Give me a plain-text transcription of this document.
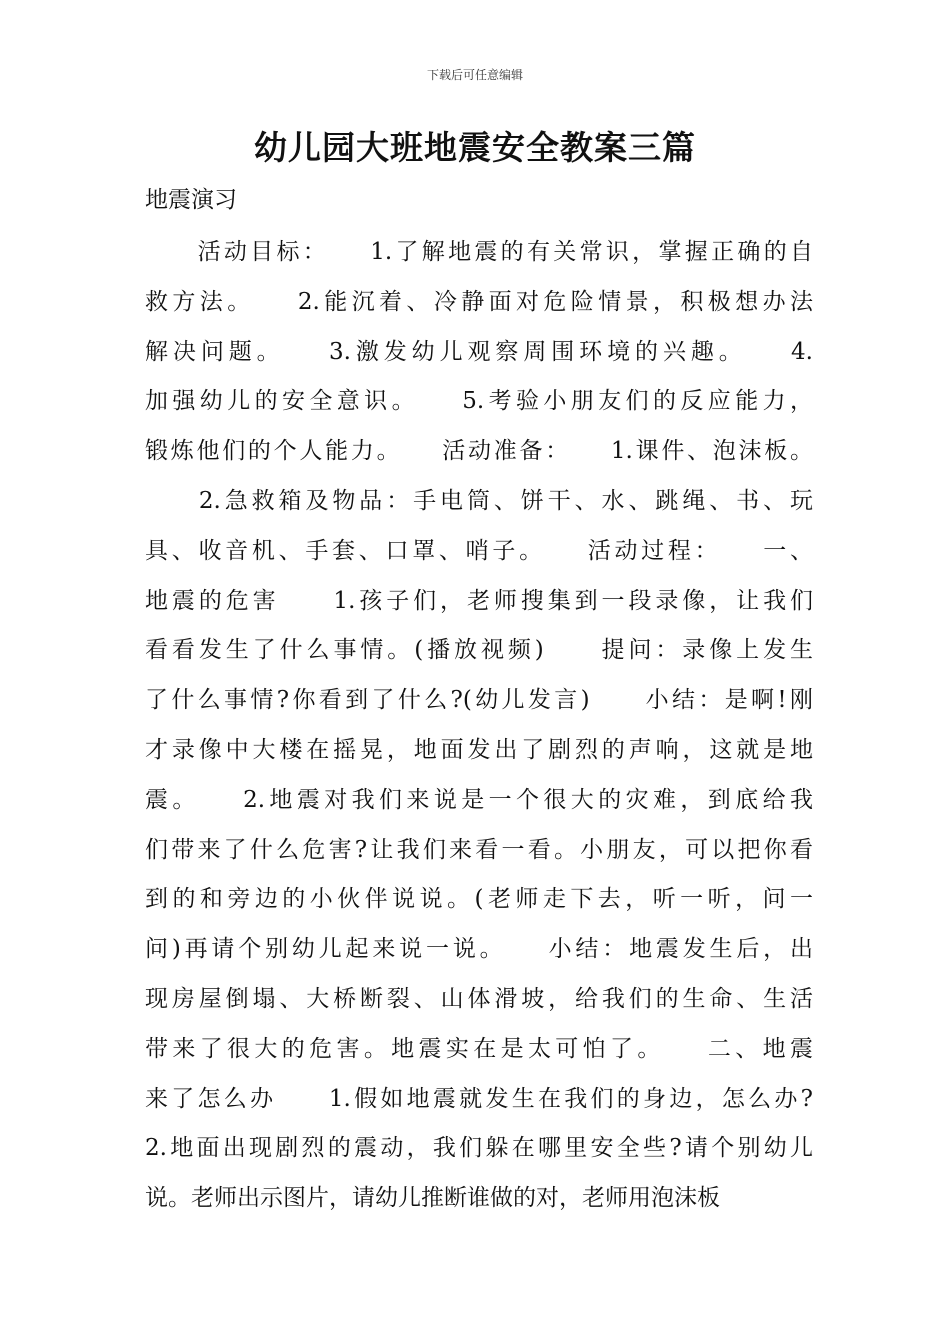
下载后可任意编辑
幼儿园大班地震安全教案三篇

地震演习

　　活动目标：　　1.了解地震的有关常识，掌握正确的自
救方法。　　2.能沉着、冷静面对危险情景，积极想办法
解决问题。　　3.激发幼儿观察周围环境的兴趣。　　4.
加强幼儿的安全意识。　　5.考验小朋友们的反应能力，
锻炼他们的个人能力。　　活动准备：　　1.课件、泡沫板。
　　2.急救箱及物品：手电筒、饼干、水、跳绳、书、玩
具、收音机、手套、口罩、哨子。　　活动过程：　　一、
地震的危害　　1.孩子们，老师搜集到一段录像，让我们
看看发生了什么事情。(播放视频)　　提问：录像上发生
了什么事情?你看到了什么?(幼儿发言)　　小结：是啊!刚
才录像中大楼在摇晃，地面发出了剧烈的声响，这就是地
震。　　2.地震对我们来说是一个很大的灾难，到底给我
们带来了什么危害?让我们来看一看。小朋友，可以把你看
到的和旁边的小伙伴说说。(老师走下去，听一听，问一
问)再请个别幼儿起来说一说。　　小结：地震发生后，出
现房屋倒塌、大桥断裂、山体滑坡，给我们的生命、生活
带来了很大的危害。地震实在是太可怕了。　　二、地震
来了怎么办　　1.假如地震就发生在我们的身边，怎么办?
2.地面出现剧烈的震动，我们躲在哪里安全些?请个别幼儿
说。老师出示图片，请幼儿推断谁做的对，老师用泡沫板
